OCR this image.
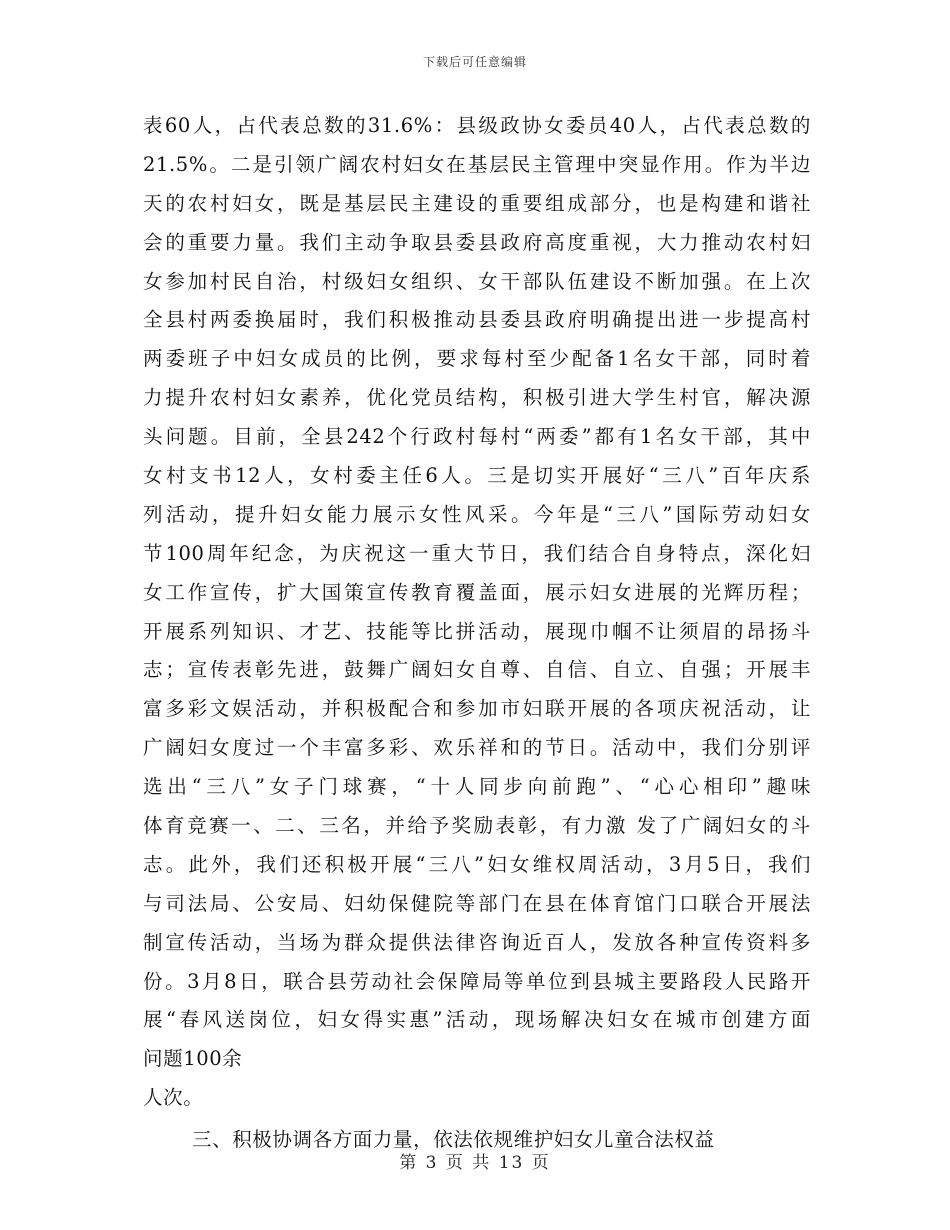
下载后可任意编辑
表60人，占代表总数的31.6%：县级政协女委员40人，占代表总数的
21.5%。二是引领广阔农村妇女在基层民主管理中突显作用。作为半边
天的农村妇女，既是基层民主建设的重要组成部分，也是构建和谐社
会的重要力量。我们主动争取县委县政府高度重视，大力推动农村妇
女参加村民自治，村级妇女组织、女干部队伍建设不断加强。在上次
全县村两委换届时，我们积极推动县委县政府明确提出进一步提高村
两委班子中妇女成员的比例，要求每村至少配备1名女干部，同时着
力提升农村妇女素养，优化党员结构，积极引进大学生村官，解决源
头问题。目前，全县242个行政村每村“两委”都有1名女干部，其中
女村支书12人，女村委主任6人。三是切实开展好“三八”百年庆系
列活动，提升妇女能力展示女性风采。今年是“三八”国际劳动妇女
节100周年纪念，为庆祝这一重大节日，我们结合自身特点，深化妇
女工作宣传，扩大国策宣传教育覆盖面，展示妇女进展的光辉历程；
开展系列知识、才艺、技能等比拼活动，展现巾帼不让须眉的昂扬斗
志；宣传表彰先进，鼓舞广阔妇女自尊、自信、自立、自强；开展丰
富多彩文娱活动，并积极配合和参加市妇联开展的各项庆祝活动，让
广阔妇女度过一个丰富多彩、欢乐祥和的节日。活动中，我们分别评
选出“三八”女子门球赛，“十人同步向前跑”、“心心相印”趣味
体育竞赛一、二、三名，并给予奖励表彰，有力激 发了广阔妇女的斗
志。此外，我们还积极开展“三八”妇女维权周活动，3月5日，我们
与司法局、公安局、妇幼保健院等部门在县在体育馆门口联合开展法
制宣传活动，当场为群众提供法律咨询近百人，发放各种宣传资料多
份。3月8日，联合县劳动社会保障局等单位到县城主要路段人民路开
展“春风送岗位，妇女得实惠”活动，现场解决妇女在城市创建方面
问题100余
人次。
三、积极协调各方面力量，依法依规维护妇女儿童合法权益
第 3 页 共 13 页
